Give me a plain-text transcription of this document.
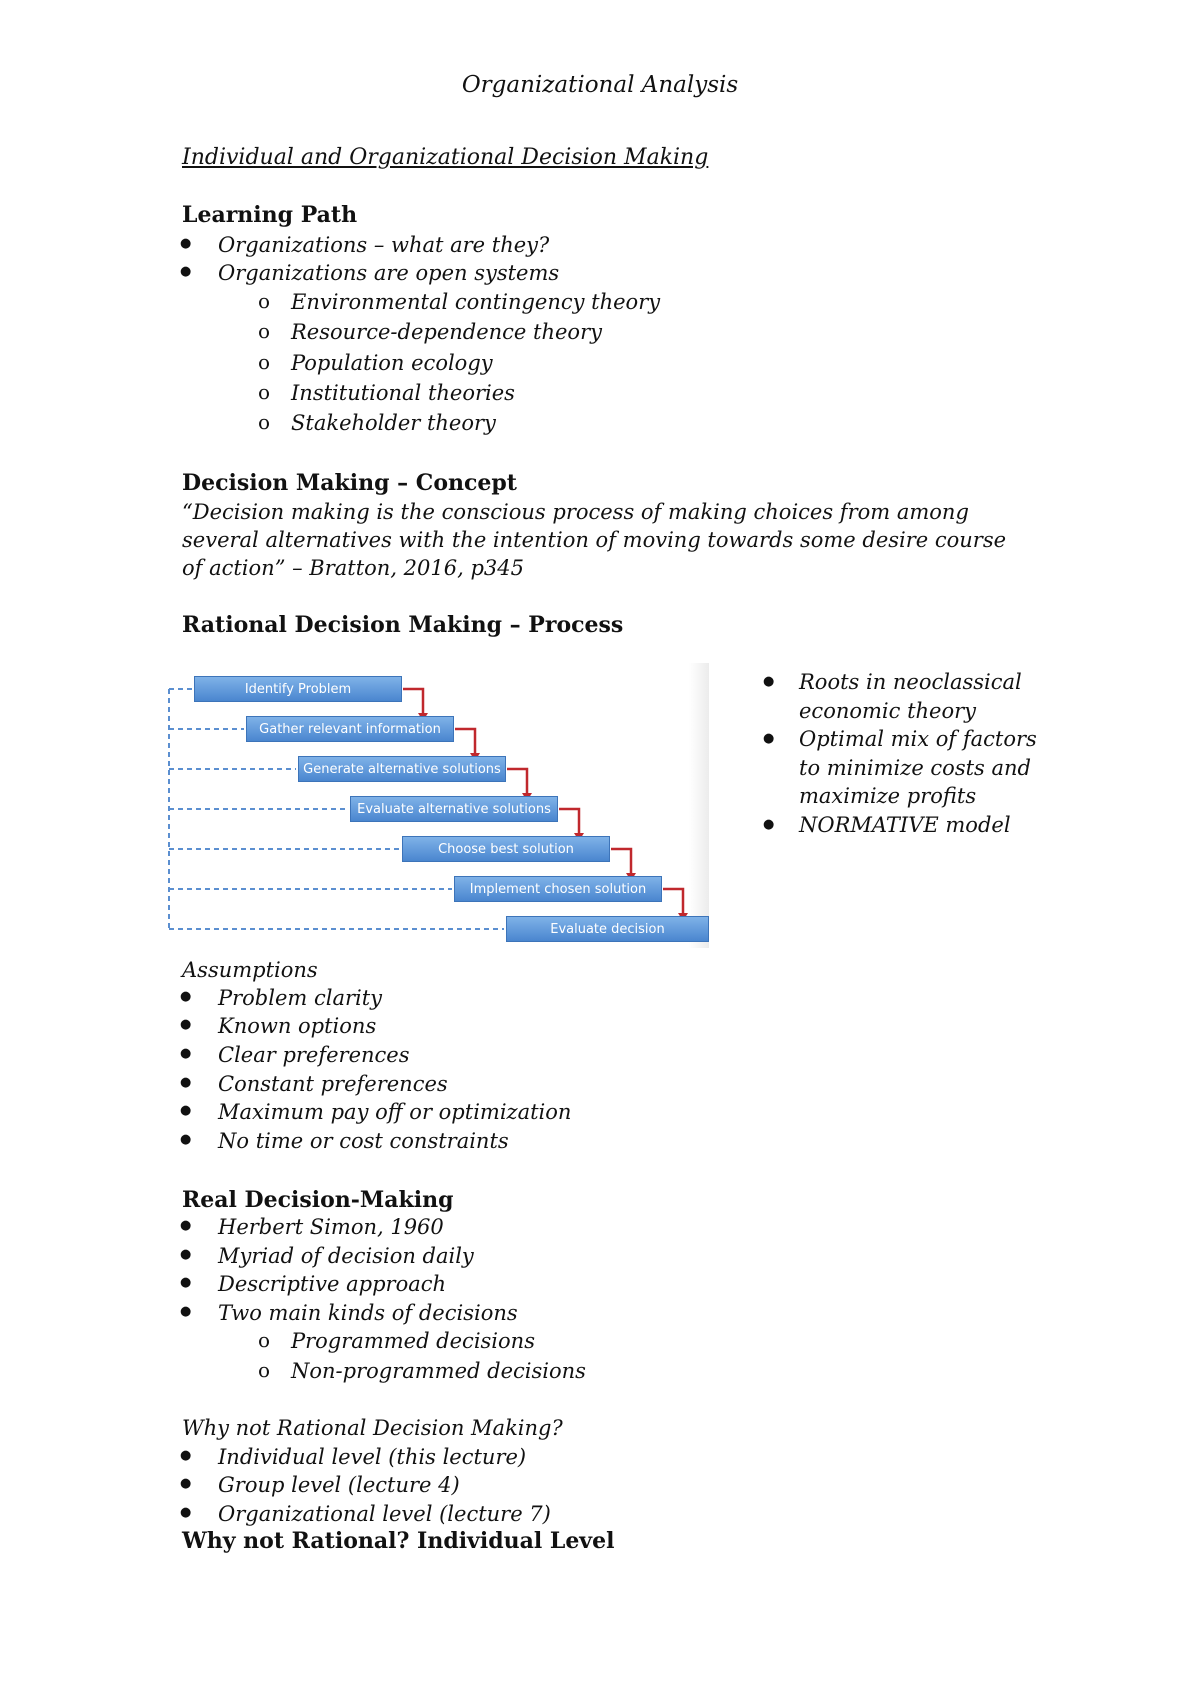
Organizational Analysis
Individual and Organizational Decision Making
Learning Path
● Organizations – what are they?
● Organizations are open systems
o Environmental contingency theory
o Resource-dependence theory
o Population ecology
o Institutional theories
o Stakeholder theory
Decision Making – Concept
“Decision making is the conscious process of making choices from among several alternatives with the intention of moving towards some desire course of action” – Bratton, 2016, p345
Rational Decision Making – Process
Identify Problem
Gather relevant information
Generate alternative solutions
Evaluate alternative solutions
Choose best solution
Implement chosen solution
Evaluate decision
● Roots in neoclassical economic theory
● Optimal mix of factors to minimize costs and maximize profits
● NORMATIVE model
Assumptions
● Problem clarity
● Known options
● Clear preferences
● Constant preferences
● Maximum pay off or optimization
● No time or cost constraints
Real Decision-Making
● Herbert Simon, 1960
● Myriad of decision daily
● Descriptive approach
● Two main kinds of decisions
o Programmed decisions
o Non-programmed decisions
Why not Rational Decision Making?
● Individual level (this lecture)
● Group level (lecture 4)
● Organizational level (lecture 7)
Why not Rational? Individual Level
